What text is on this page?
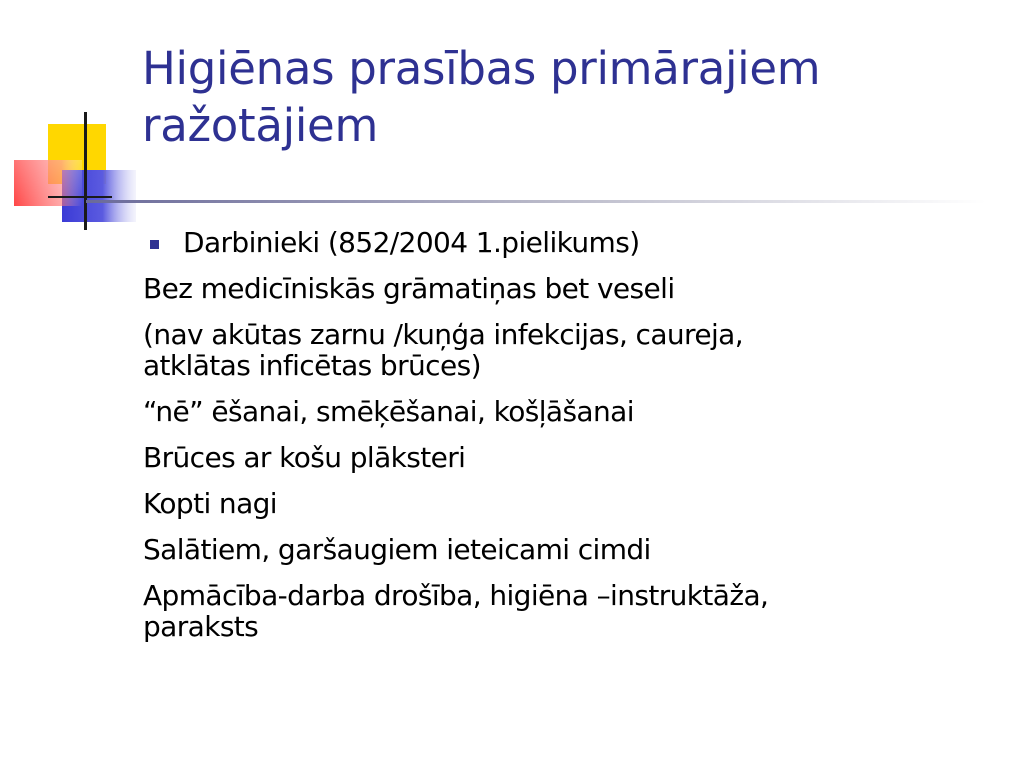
Higiēnas prasības primārajiem
ražotājiem
Darbinieki (852/2004 1.pielikums)
Bez medicīniskās grāmatiņas bet veseli
(nav akūtas zarnu /kuņģa infekcijas, caureja,
atklātas inficētas brūces)
“nē” ēšanai, smēķēšanai, košļāšanai
Brūces ar košu plāksteri
Kopti nagi
Salātiem, garšaugiem ieteicami cimdi
Apmācība-darba drošība, higiēna –instruktāža,
paraksts
